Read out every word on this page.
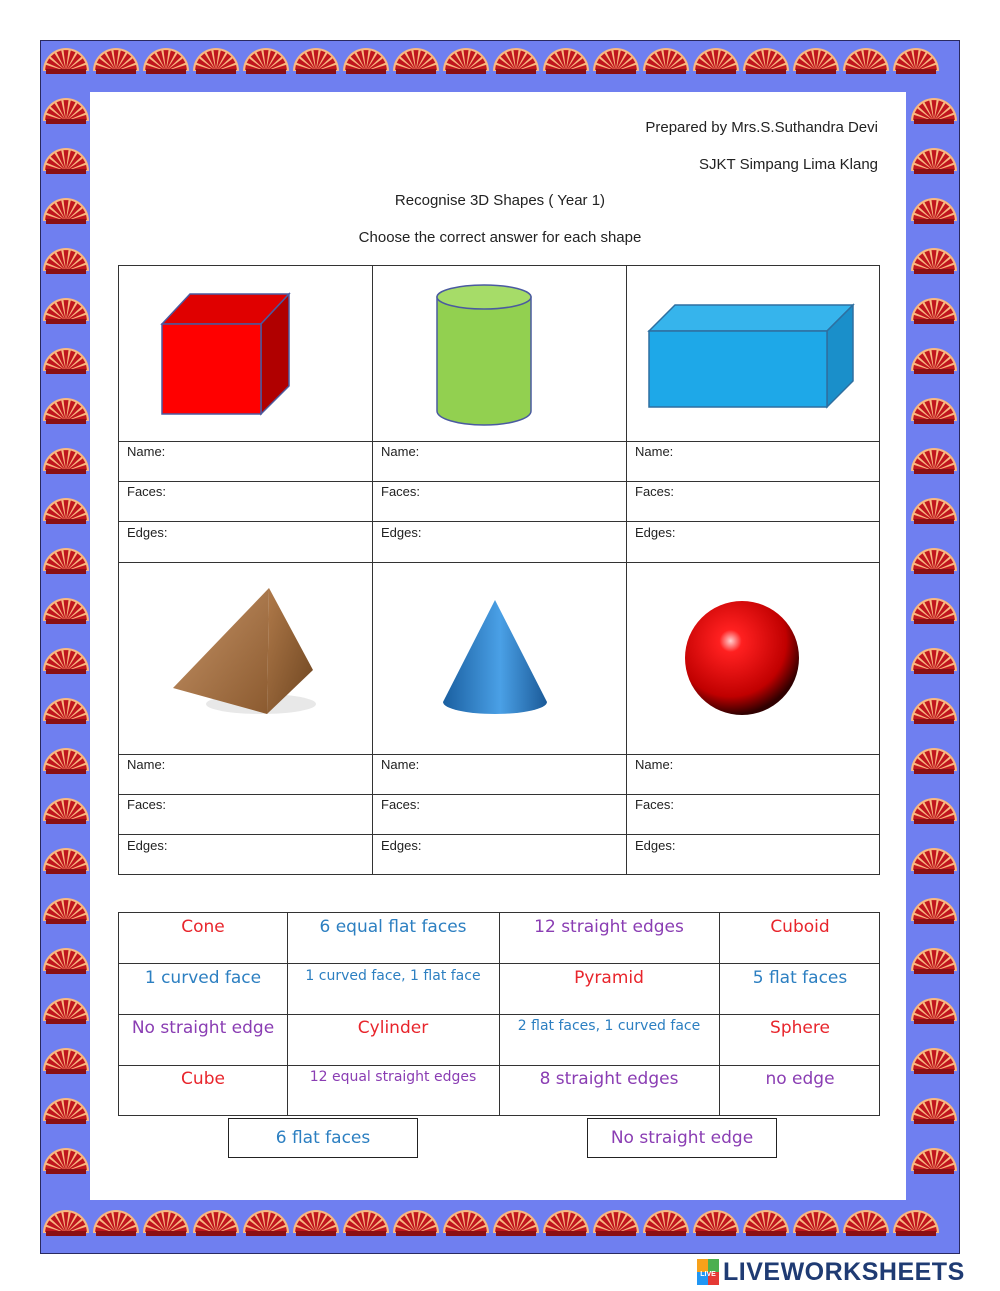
Prepared by Mrs.S.Suthandra Devi
SJKT Simpang Lima Klang
Recognise 3D Shapes ( Year 1)
Choose the correct answer for each shape
Name:	Name:	Name:
Faces:	Faces:	Faces:
Edges:	Edges:	Edges:
Name:	Name:	Name:
Faces:	Faces:	Faces:
Edges:	Edges:	Edges:
Cone	6 equal flat faces	12 straight edges	Cuboid
1 curved face	1 curved face, 1 flat face	Pyramid	5 flat faces
No straight edge	Cylinder	2 flat faces, 1 curved face	Sphere
Cube	12 equal straight edges	8 straight edges	no edge
6 flat faces	No straight edge
LIVE LIVEWORKSHEETS
